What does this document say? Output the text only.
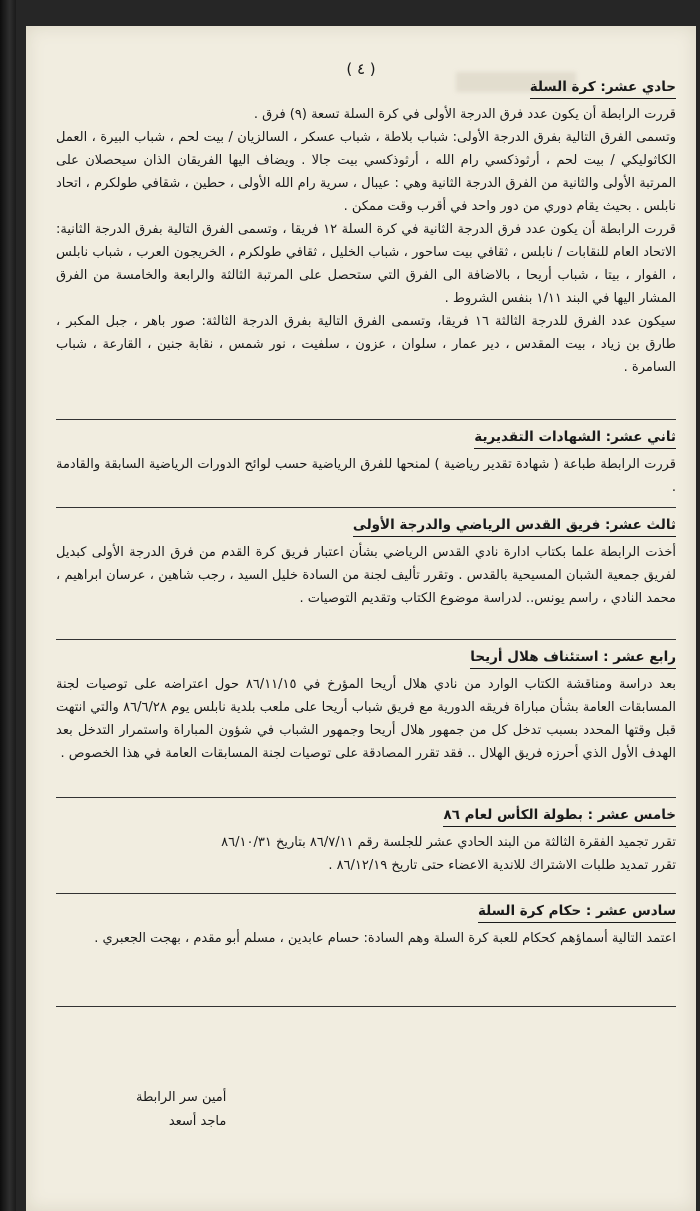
( ٤ )
حادي عشر: كرة السلة

قررت الرابطة أن يكون عدد فرق الدرجة الأولى في كرة السلة تسعة (٩) فرق .

وتسمى الفرق التالية بفرق الدرجة الأولى: شباب بلاطة ، شباب عسكر ، السالزيان / بيت لحم ، شباب البيرة ، العمل الكاثوليكي / بيت لحم ، أرثوذكسي رام الله ، أرثوذكسي بيت جالا . ويضاف اليها الفريقان الذان سيحصلان على المرتبة الأولى والثانية من الفرق الدرجة الثانية وهي : عيبال ، سرية رام الله الأولى ، حطين ، شقافي طولكرم ، اتحاد نابلس . بحيث يقام دوري من دور واحد في أقرب وقت ممكن .

قررت الرابطة أن يكون عدد فرق الدرجة الثانية في كرة السلة ١٢ فريقا ، وتسمى الفرق التالية بفرق الدرجة الثانية: الاتحاد العام للنقابات / نابلس ، ثقافي بيت ساحور ، شباب الخليل ، ثقافي طولكرم ، الخريجون العرب ، شباب نابلس ، الفوار ، بيتا ، شباب أريحا ، بالاضافة الى الفرق التي ستحصل على المرتبة الثالثة والرابعة والخامسة من الفرق المشار اليها في البند ١/١١ بنفس الشروط .

سيكون عدد الفرق للدرجة الثالثة ١٦ فريقا، وتسمى الفرق التالية بفرق الدرجة الثالثة: صور باهر ، جبل المكبر ، طارق بن زياد ، بيت المقدس ، دير عمار ، سلوان ، عزون ، سلفيت ، نور شمس ، نقابة جنين ، القارعة ، شباب السامرة .

ثاني عشر: الشهادات التقديرية

قررت الرابطة طباعة ( شهادة تقدير رياضية ) لمنحها للفرق الرياضية حسب لوائح الدورات الرياضية السابقة والقادمة .

ثالث عشر: فريق القدس الرياضي والدرجة الأولى

أخذت الرابطة علما بكتاب ادارة نادي القدس الرياضي بشأن اعتبار فريق كرة القدم من فرق الدرجة الأولى كبديل لفريق جمعية الشبان المسيحية بالقدس . وتقرر تأليف لجنة من السادة خليل السيد ، رجب شاهين ، عرسان ابراهيم ، محمد النادي ، راسم يونس.. لدراسة موضوع الكتاب وتقديم التوصيات .

رابع عشر : استئناف هلال أريحا

بعد دراسة ومناقشة الكتاب الوارد من نادي هلال أريحا المؤرخ في ٨٦/١١/١٥ حول اعتراضه على توصيات لجنة المسابقات العامة بشأن مباراة فريقه الدورية مع فريق شباب أريحا على ملعب بلدية نابلس يوم ٨٦/٦/٢٨ والتي انتهت قبل وقتها المحدد بسبب تدخل كل من جمهور هلال أريحا وجمهور الشباب في شؤون المباراة واستمرار التدخل بعد الهدف الأول الذي أحرزه فريق الهلال .. فقد تقرر المصادقة على توصيات لجنة المسابقات العامة في هذا الخصوص .

خامس عشر : بطولة الكأس لعام ٨٦

تقرر تجميد الفقرة الثالثة من البند الحادي عشر للجلسة رقم ٨٦/٧/١١ بتاريخ ٨٦/١٠/٣١

تقرر تمديد طلبات الاشتراك للاندية الاعضاء حتى تاريخ ٨٦/١٢/١٩ .

سادس عشر : حكام كرة السلة

اعتمد التالية أسماؤهم كحكام للعبة كرة السلة وهم السادة: حسام عابدين ، مسلم أبو مقدم ، بهجت الجعبري .

أمين سر الرابطة
ماجد أسعد
